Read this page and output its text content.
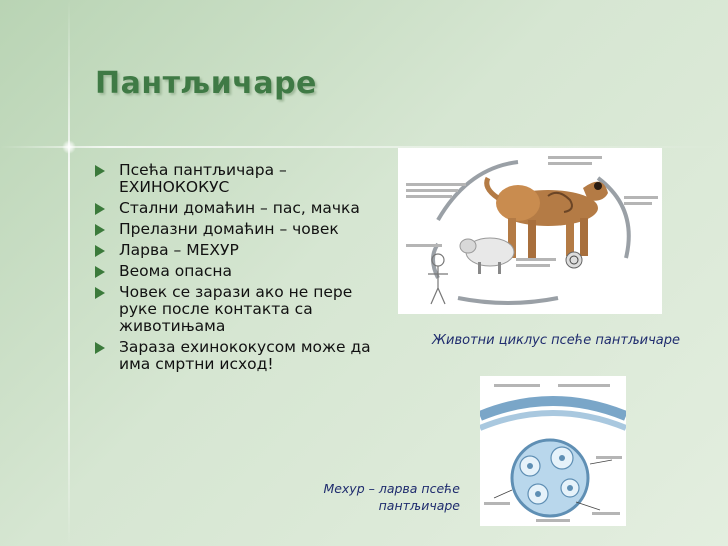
Пантљичаре
Псећа пантљичара – ЕХИНОКОКУС
Стални домаћин – пас, мачка
Прелазни домаћин – човек
Ларва – МЕХУР
Веома опасна
Човек се зарази ако не пере руке после контакта са животињама
Зараза ехинококусом може да има смртни исход!
Животни циклус псеће пантљичаре
Мехур – ларва псеће
пантљичаре
